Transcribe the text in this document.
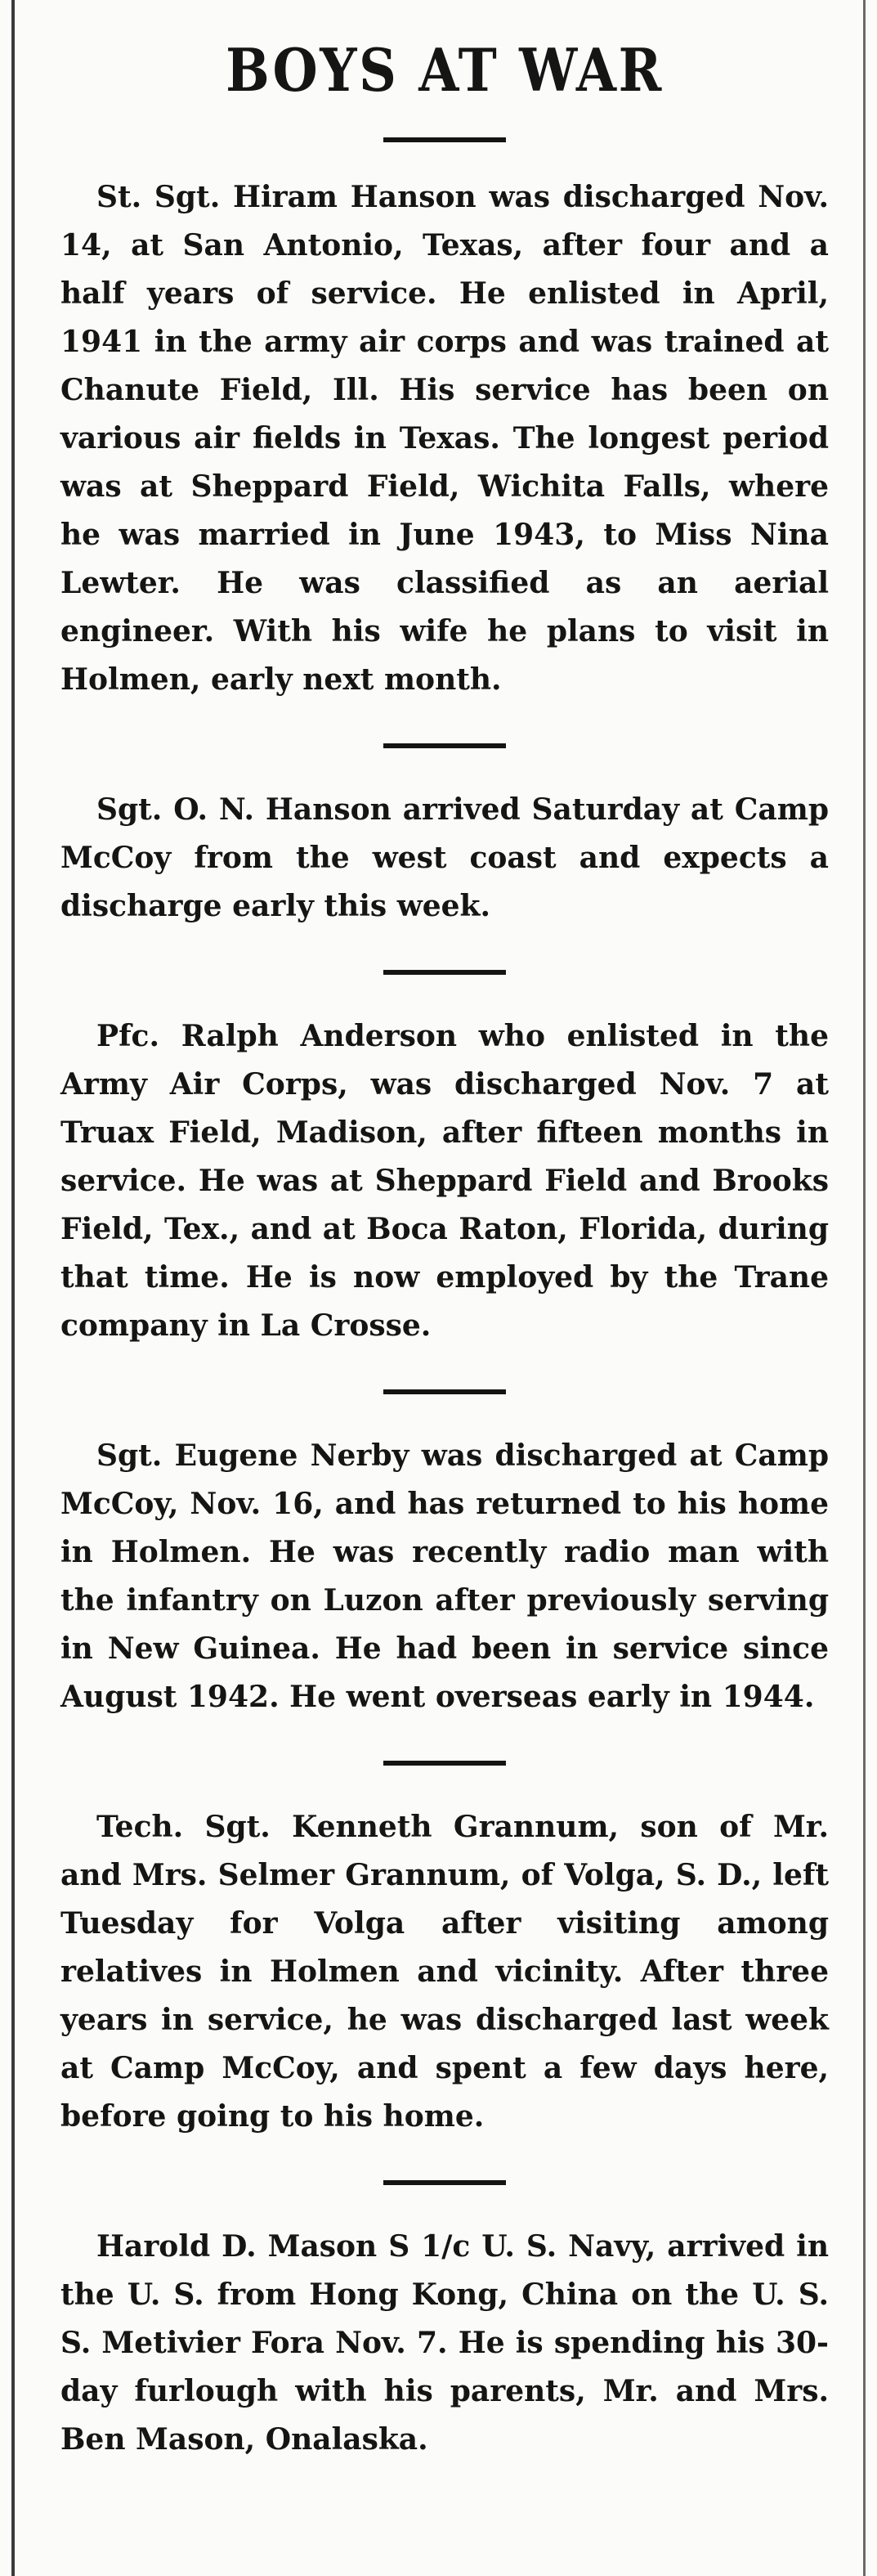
BOYS AT WAR

St. Sgt. Hiram Hanson was discharged Nov. 14, at San Antonio, Texas, after four and a half years of service. He enlisted in April, 1941 in the army air corps and was trained at Chanute Field, Ill. His service has been on various air fields in Texas. The longest period was at Sheppard Field, Wichita Falls, where he was married in June 1943, to Miss Nina Lewter. He was classified as an aerial engineer. With his wife he plans to visit in Holmen, early next month.

Sgt. O. N. Hanson arrived Saturday at Camp McCoy from the west coast and expects a discharge early this week.

Pfc. Ralph Anderson who enlisted in the Army Air Corps, was discharged Nov. 7 at Truax Field, Madison, after fifteen months in service. He was at Sheppard Field and Brooks Field, Tex., and at Boca Raton, Florida, during that time. He is now employed by the Trane company in La Crosse.

Sgt. Eugene Nerby was discharged at Camp McCoy, Nov. 16, and has returned to his home in Holmen. He was recently radio man with the infantry on Luzon after previously serving in New Guinea. He had been in service since August 1942. He went overseas early in 1944.

Tech. Sgt. Kenneth Grannum, son of Mr. and Mrs. Selmer Grannum, of Volga, S. D., left Tuesday for Volga after visiting among relatives in Holmen and vicinity. After three years in service, he was discharged last week at Camp McCoy, and spent a few days here, before going to his home.

Harold D. Mason S 1/c U. S. Navy, arrived in the U. S. from Hong Kong, China on the U. S. S. Metivier Fora Nov. 7. He is spending his 30-day furlough with his parents, Mr. and Mrs. Ben Mason, Onalaska.
